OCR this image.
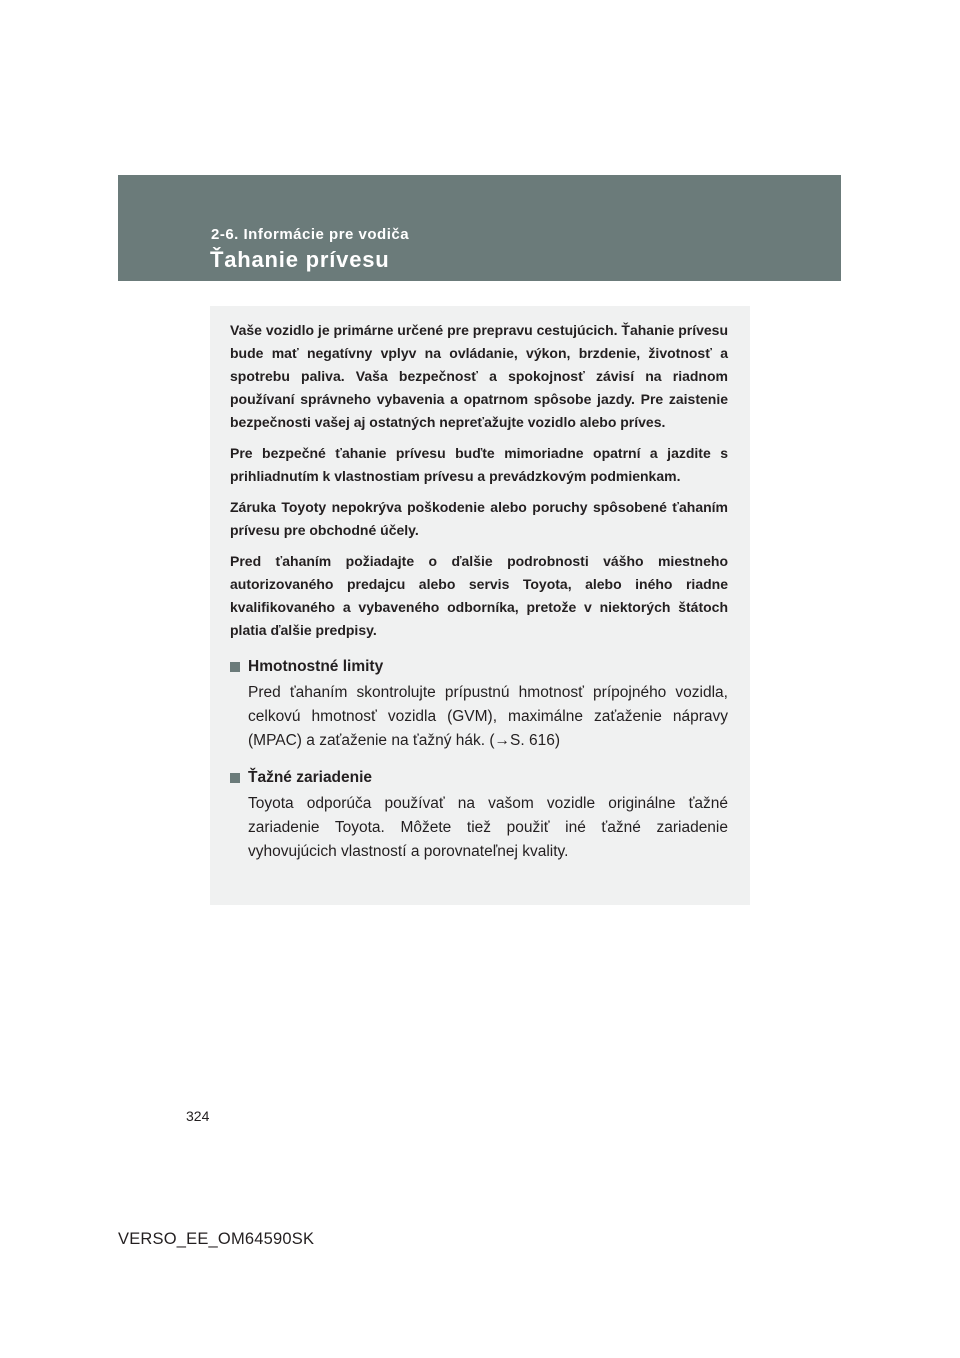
2-6. Informácie pre vodiča
Ťahanie prívesu

Vaše vozidlo je primárne určené pre prepravu cestujúcich. Ťahanie prívesu bude mať negatívny vplyv na ovládanie, výkon, brzdenie, životnosť a spotrebu paliva. Vaša bezpečnosť a spokojnosť závisí na riadnom používaní správneho vybavenia a opatrnom spôsobe jazdy. Pre zaistenie bezpečnosti vašej aj ostatných nepreťažujte vozidlo alebo príves.

Pre bezpečné ťahanie prívesu buďte mimoriadne opatrní a jazdite s prihliadnutím k vlastnostiam prívesu a prevádzkovým podmienkam.

Záruka Toyoty nepokrýva poškodenie alebo poruchy spôsobené ťahaním prívesu pre obchodné účely.

Pred ťahaním požiadajte o ďalšie podrobnosti vášho miestneho autorizovaného predajcu alebo servis Toyota, alebo iného riadne kvalifikovaného a vybaveného odborníka, pretože v niektorých štátoch platia ďalšie predpisy.

Hmotnostné limity

Pred ťahaním skontrolujte prípustnú hmotnosť prípojného vozidla, celkovú hmotnosť vozidla (GVM), maximálne zaťaženie nápravy (MPAC) a zaťaženie na ťažný hák. (→S. 616)

Ťažné zariadenie

Toyota odporúča používať na vašom vozidle originálne ťažné zariadenie Toyota. Môžete tiež použiť iné ťažné zariadenie vyhovujúcich vlastností a porovnateľnej kvality.

324
VERSO_EE_OM64590SK
